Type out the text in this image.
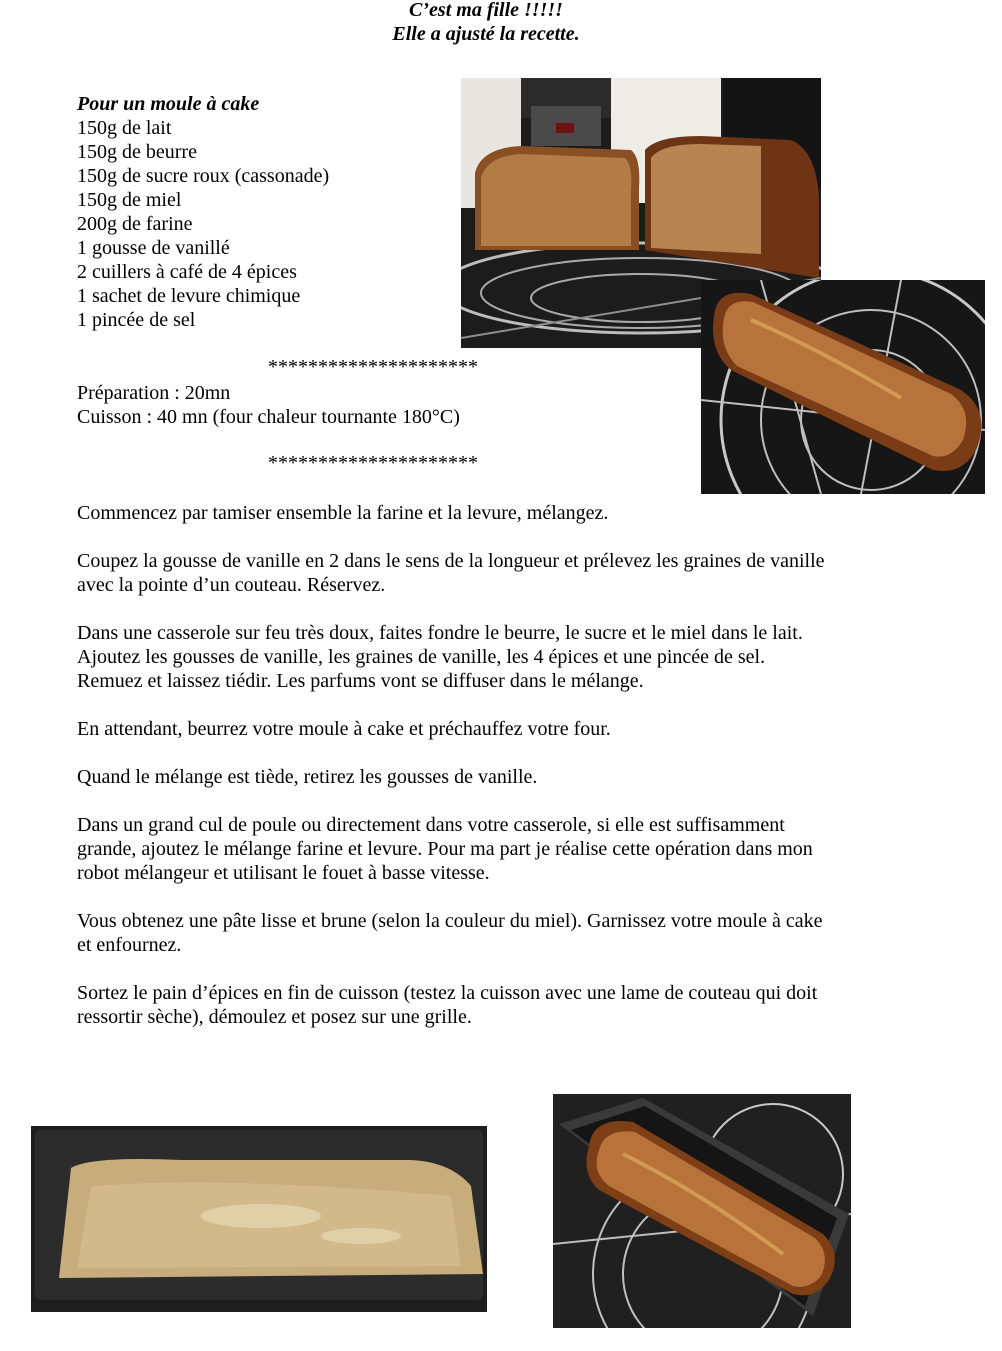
C’est ma fille !!!!!
Elle a ajusté la recette.
Pour un moule à cake
150g de lait
150g de beurre
150g de sucre roux (cassonade)
150g de miel
200g de farine
1 gousse de vanillé
2 cuillers à café de 4 épices
1 sachet de levure chimique
1 pincée de sel
*********************
Préparation : 20mn
Cuisson : 40 mn (four chaleur tournante 180°C)
*********************

Commencez par tamiser ensemble la farine et la levure, mélangez.

Coupez la gousse de vanille en 2 dans le sens de la longueur et prélevez les graines de vanille
avec la pointe d’un couteau. Réservez.

Dans une casserole sur feu très doux, faites fondre le beurre, le sucre et le miel dans le lait.
Ajoutez les gousses de vanille, les graines de vanille, les 4 épices et une pincée de sel.
Remuez et laissez tiédir. Les parfums vont se diffuser dans le mélange.

En attendant, beurrez votre moule à cake et préchauffez votre four.

Quand le mélange est tiède, retirez les gousses de vanille.

Dans un grand cul de poule ou directement dans votre casserole, si elle est suffisamment
grande, ajoutez le mélange farine et levure. Pour ma part je réalise cette opération dans mon
robot mélangeur et utilisant le fouet à basse vitesse.

Vous obtenez une pâte lisse et brune (selon la couleur du miel). Garnissez votre moule à cake
et enfournez.

Sortez le pain d’épices en fin de cuisson (testez la cuisson avec une lame de couteau qui doit
ressortir sèche), démoulez et posez sur une grille.
